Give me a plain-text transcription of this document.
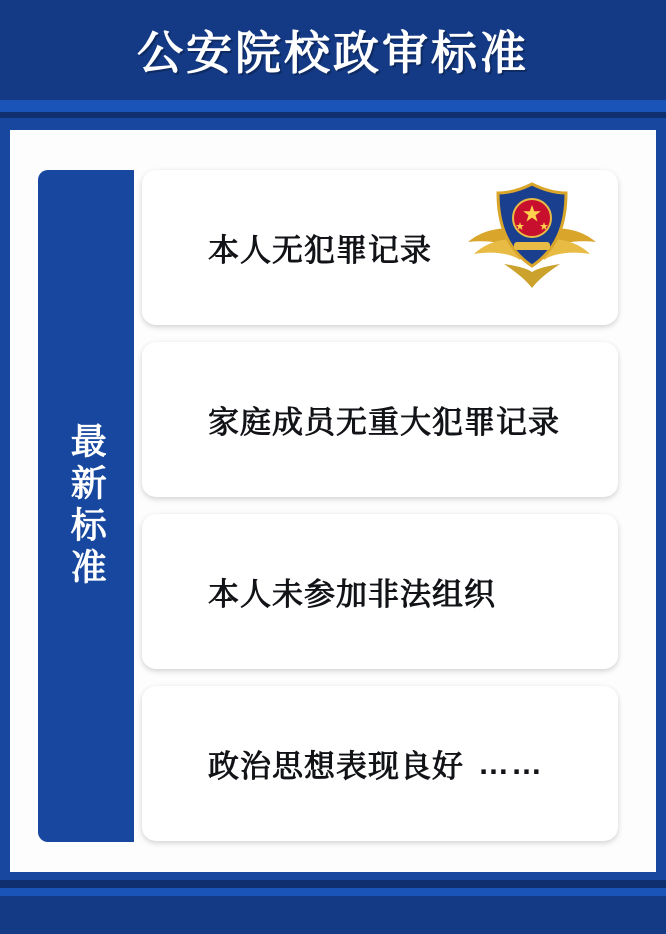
公安院校政审标准
最新标准
本人无犯罪记录
家庭成员无重大犯罪记录
本人未参加非法组织
政治思想表现良好 ……
